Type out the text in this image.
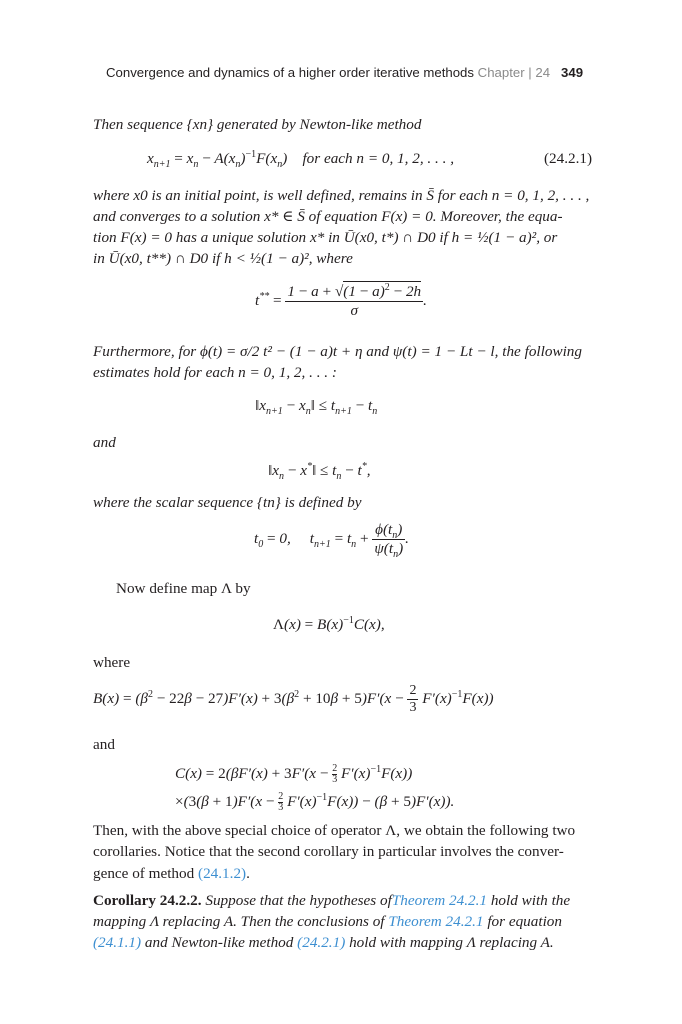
Convergence and dynamics of a higher order iterative methods Chapter | 24 349
Then sequence {xn} generated by Newton-like method
$x_{n+1} = x_n - A(x_n)^{-1}F(x_n)$    for each n = 0, 1, 2, . . . ,	(24.2.1)
where x0 is an initial point, is well defined, remains in S̄ for each n = 0, 1, 2, . . . ,
and converges to a solution x* ∈ S̄ of equation F(x) = 0. Moreover, the equa-
tion F(x) = 0 has a unique solution x* in Ū(x0, t*) ∩ D0 if h = ½(1 − a)², or
in Ū(x0, t**) ∩ D0 if h < ½(1 − a)², where
$t^{**} = \frac{1 - a + √(1 - a)^2 - 2h}{\sigma}$ .
Furthermore, for ϕ(t) = σ/2 t² − (1 − a)t + η and ψ(t) = 1 − Lt − l, the following
estimates hold for each n = 0, 1, 2, . . . :
$‖x_{n+1}$ − $x_n‖ \le t_{n+1} - t_n$
and
$‖x_n$ − x*‖ ≤ $t_n - t^*$,
where the scalar sequence {tn} is defined by
$t_0 = 0$,     $t_{n+1} = t_n + \frac{\phi(t_n)}{\psi(t_n)}$ .
Now define map Λ by
$\Lambda(x) = B(x)^{-1}C(x)$,
where
$B(x) = (\beta^2 - 22\beta - 27)F'(x) + 3(\beta^2 + 10\beta + 5)F'(x - \frac{2}{3} F'(x)^{-1}F(x))$
and
$C(x) = 2(\beta F'(x) + 3F'(x - \frac{2}{3} F'(x)^{-1}F(x))$
$\times(3(\beta + 1)F'(x - \frac{2}{3} F'(x)^{-1}F(x)) - (\beta + 5)F'(x))$.
Then, with the above special choice of operator Λ, we obtain the following two
corollaries. Notice that the second corollary in particular involves the conver-
gence of method (24.1.2).
Corollary 24.2.2. Suppose that the hypotheses ofTheorem 24.2.1 hold with the
mapping Λ replacing A. Then the conclusions of Theorem 24.2.1 for equation
(24.1.1) and Newton-like method (24.2.1) hold with mapping Λ replacing A.
